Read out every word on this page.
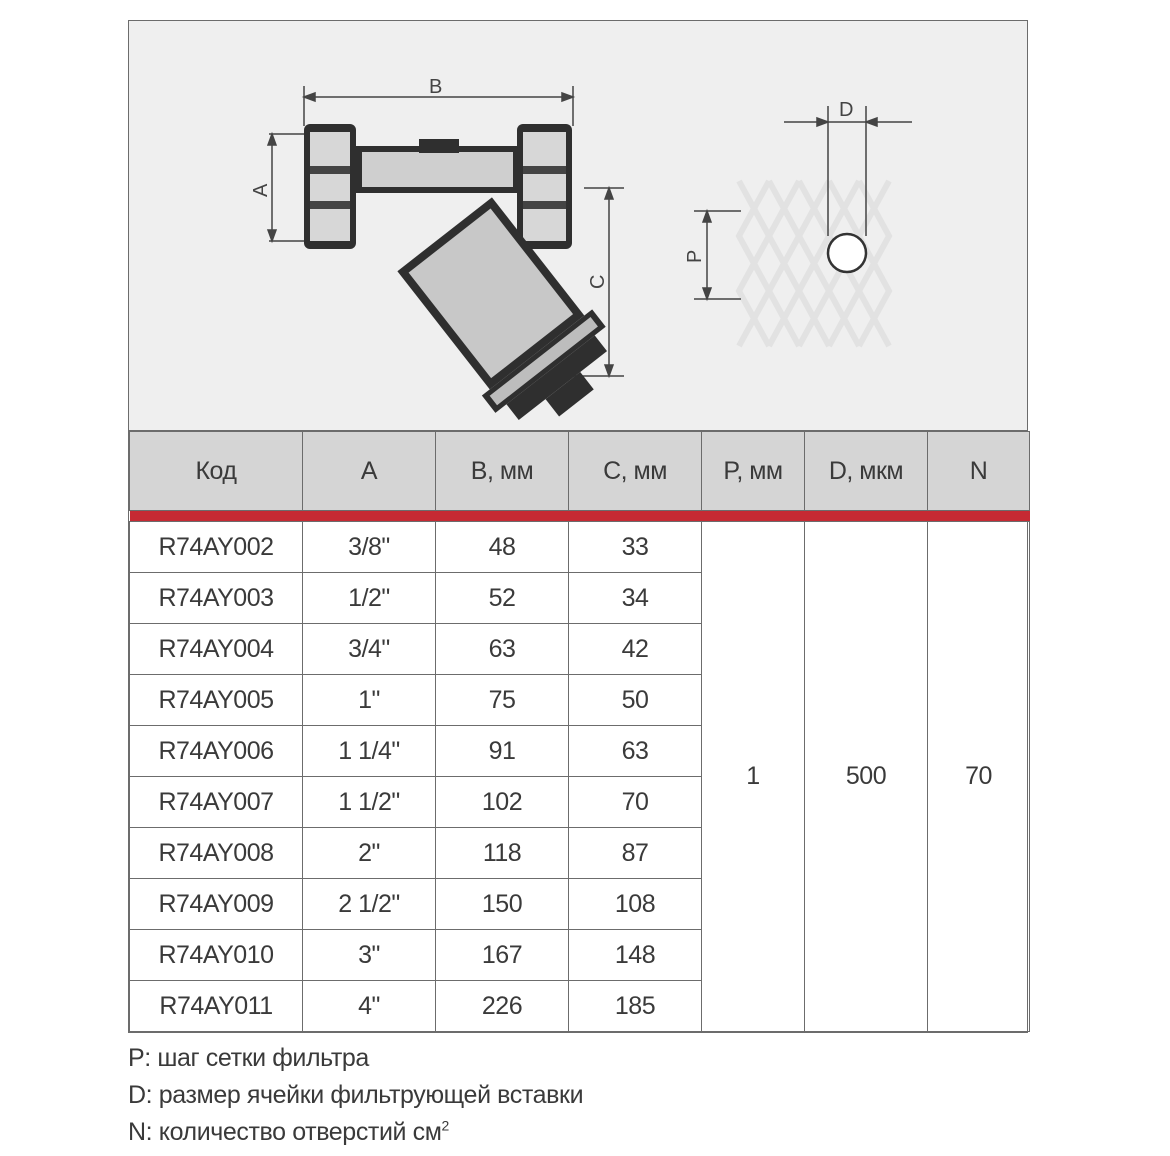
B
A
C
D
P
Код	A	B, мм	C, мм	P, мм	D, мкм	N

R74AY002	3/8"	48	33	1	500	70
R74AY003	1/2"	52	34			
R74AY004	3/4"	63	42			
R74AY005	1"	75	50			
R74AY006	1 1/4"	91	63			
R74AY007	1 1/2"	102	70			
R74AY008	2"	118	87			
R74AY009	2 1/2"	150	108			
R74AY010	3"	167	148			
R74AY011	4"	226	185			
P: шаг сетки фильтра
D: размер ячейки фильтрующей вставки
N: количество отверстий $см^2$
